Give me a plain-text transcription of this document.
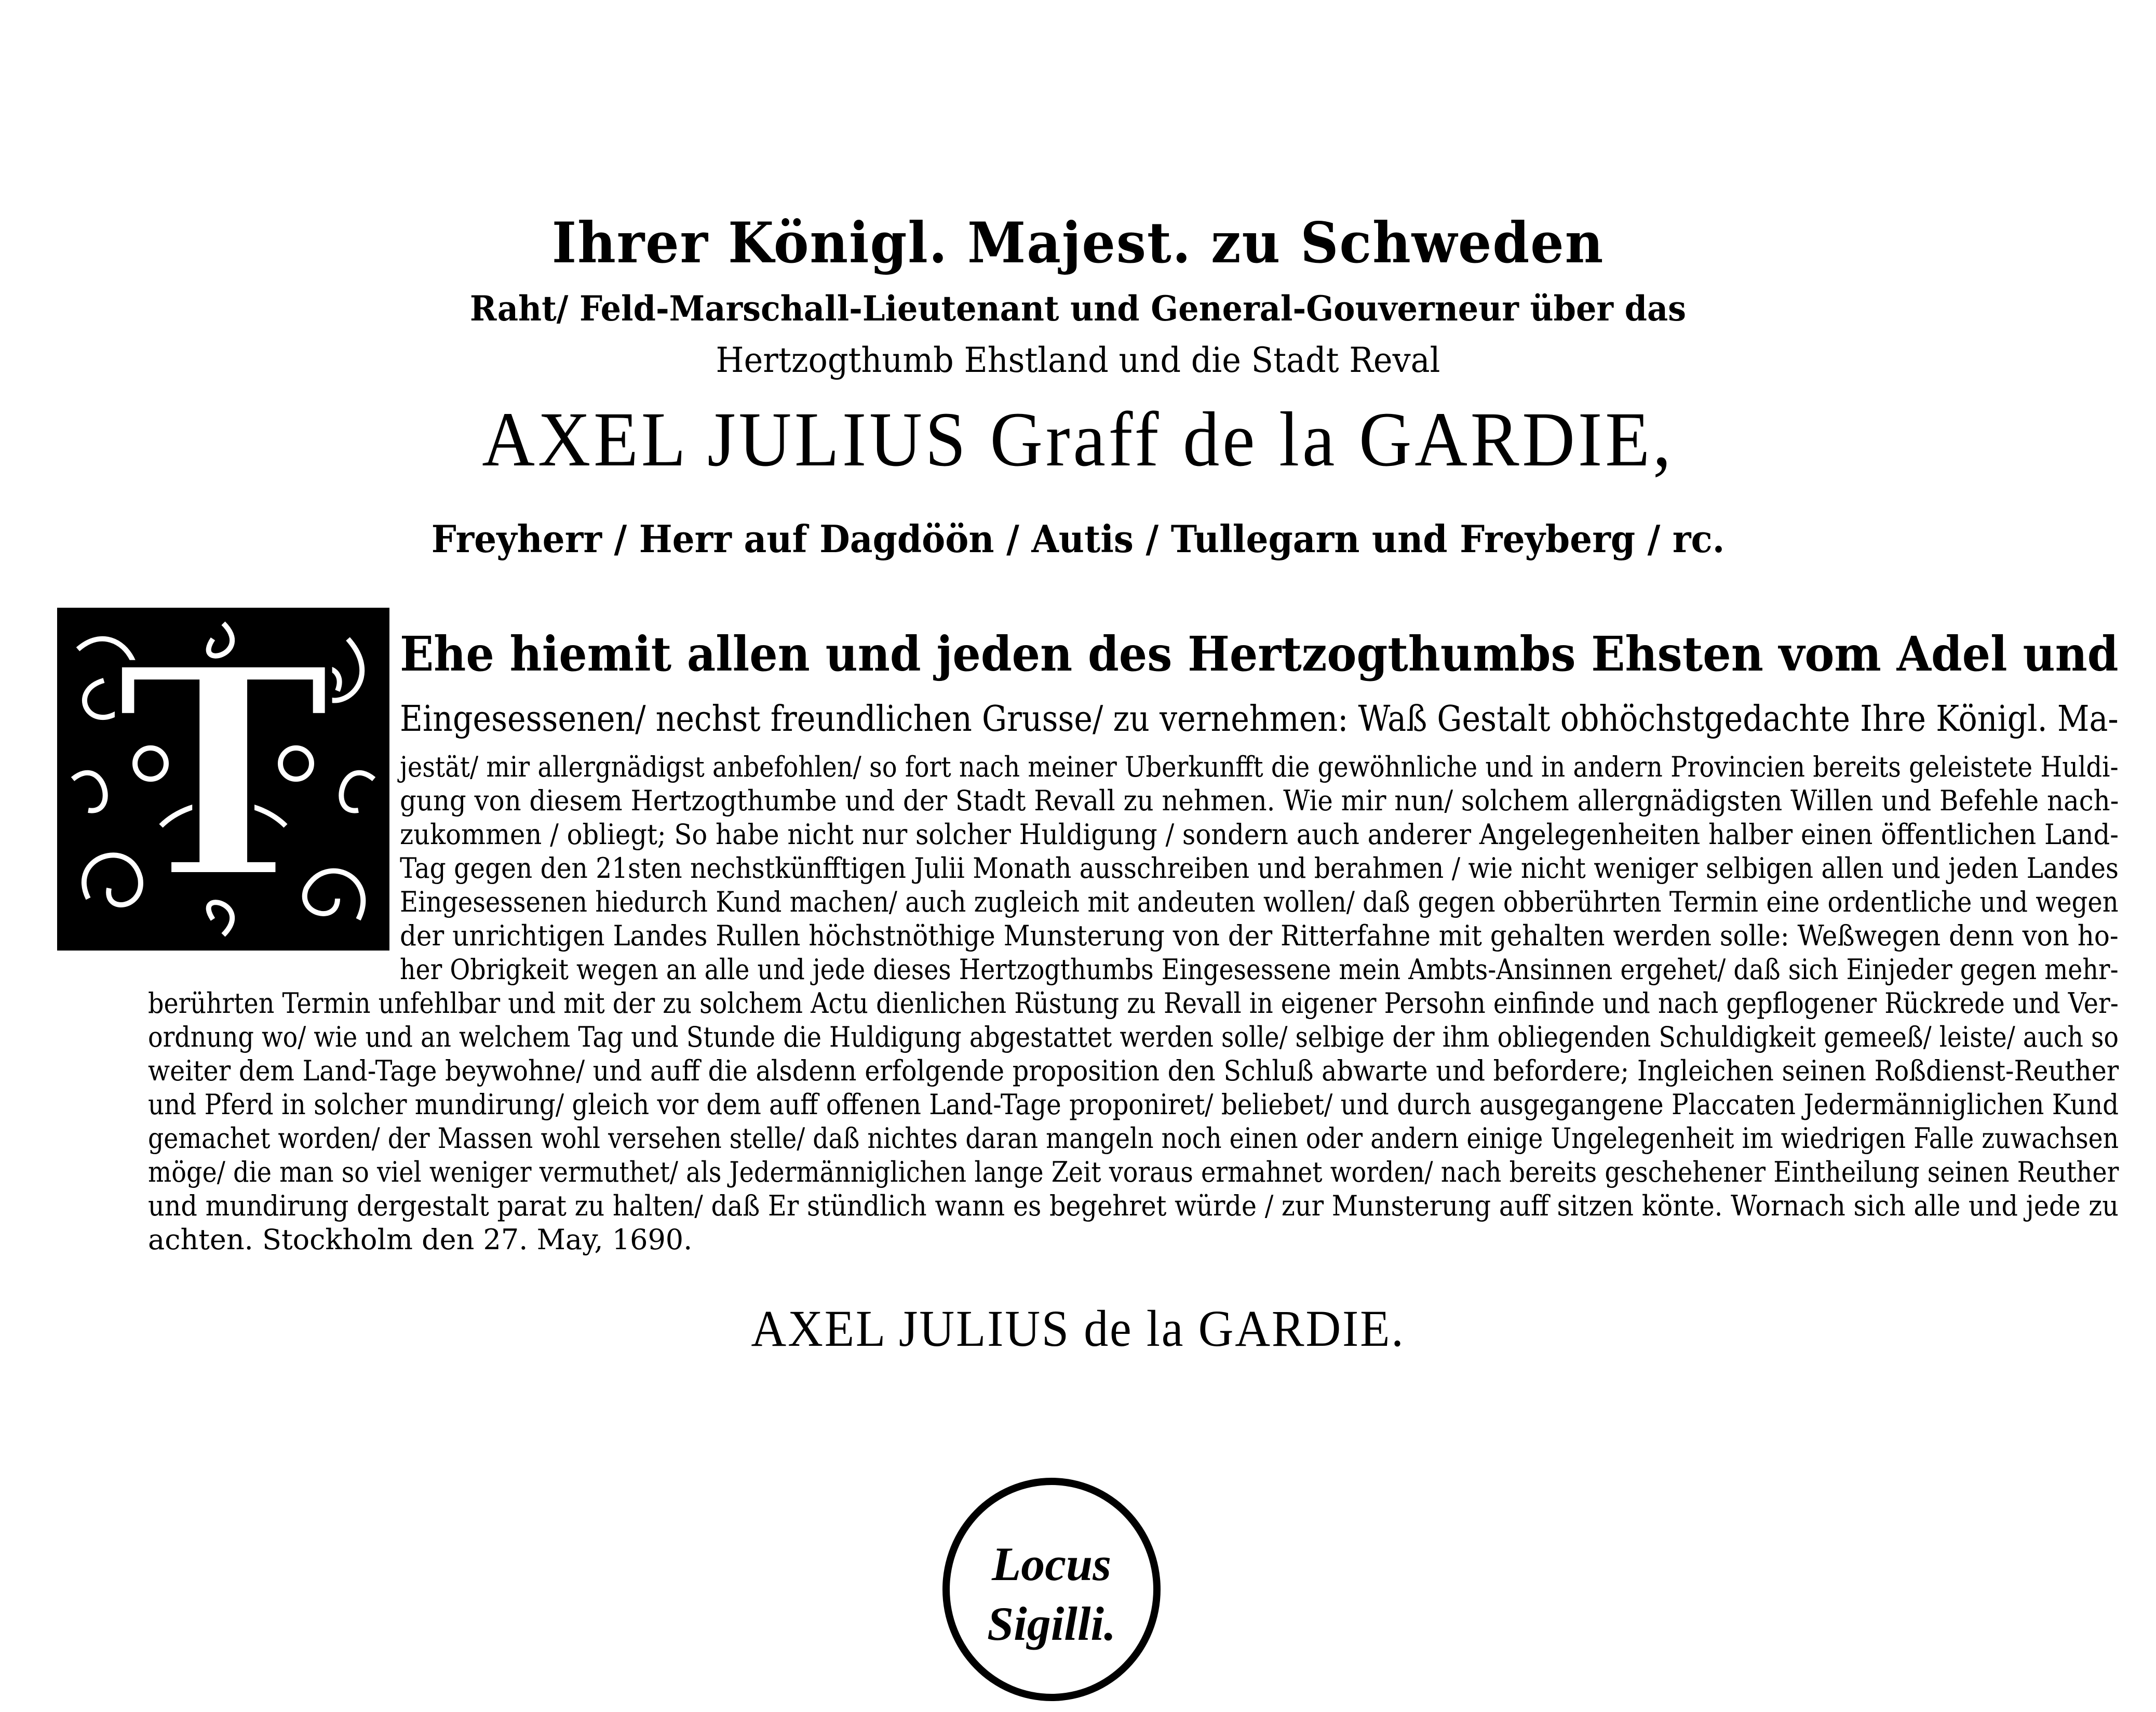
Ihrer Königl. Majest. zu Schweden
Raht/ Feld-Marschall-Lieutenant und General-Gouverneur über das
Hertzogthumb Ehstland und die Stadt Reval
AXEL JULIUS Graff de la GARDIE,
Freyherr / Herr auf Dagdöön / Autis / Tullegarn und Freyberg / rc.
T	Ehe hiemit allen und jeden des Hertzogthumbs Ehsten vom Adel und
Eingesessenen/ nechst freundlichen Grusse/ zu vernehmen: Waß Gestalt obhöchstgedachte Ihre Königl. Ma-
jestät/ mir allergnädigst anbefohlen/ so fort nach meiner Uberkunfft die gewöhnliche und in andern Provincien bereits geleistete Huldi-
gung von diesem Hertzogthumbe und der Stadt Revall zu nehmen. Wie mir nun/ solchem allergnädigsten Willen und Befehle nach-
zukommen / obliegt; So habe nicht nur solcher Huldigung / sondern auch anderer Angelegenheiten halber einen öffentlichen Land-
Tag gegen den 21sten nechstkünfftigen Julii Monath ausschreiben und berahmen / wie nicht weniger selbigen allen und jeden Landes
Eingesessenen hiedurch Kund machen/ auch zugleich mit andeuten wollen/ daß gegen obberührten Termin eine ordentliche und wegen
der unrichtigen Landes Rullen höchstnöthige Munsterung von der Ritterfahne mit gehalten werden solle: Weßwegen denn von ho-
her Obrigkeit wegen an alle und jede dieses Hertzogthumbs Eingesessene mein Ambts-Ansinnen ergehet/ daß sich Einjeder gegen mehr-
berührten Termin unfehlbar und mit der zu solchem Actu dienlichen Rüstung zu Revall in eigener Persohn einfinde und nach gepflogener Rückrede und Ver-
ordnung wo/ wie und an welchem Tag und Stunde die Huldigung abgestattet werden solle/ selbige der ihm obliegenden Schuldigkeit gemeeß/ leiste/ auch so
weiter dem Land-Tage beywohne/ und auff die alsdenn erfolgende proposition den Schluß abwarte und befordere; Ingleichen seinen Roßdienst-Reuther
und Pferd in solcher mundirung/ gleich vor dem auff offenen Land-Tage proponiret/ beliebet/ und durch ausgegangene Placcaten Jedermänniglichen Kund
gemachet worden/ der Massen wohl versehen stelle/ daß nichtes daran mangeln noch einen oder andern einige Ungelegenheit im wiedrigen Falle zuwachsen
möge/ die man so viel weniger vermuthet/ als Jedermänniglichen lange Zeit voraus ermahnet worden/ nach bereits geschehener Eintheilung seinen Reuther
und mundirung dergestalt parat zu halten/ daß Er stündlich wann es begehret würde / zur Munsterung auff sitzen könte. Wornach sich alle und jede zu
achten. Stockholm den 27. May, 1690.
AXEL JULIUS de la GARDIE.
Locus
Sigilli.
